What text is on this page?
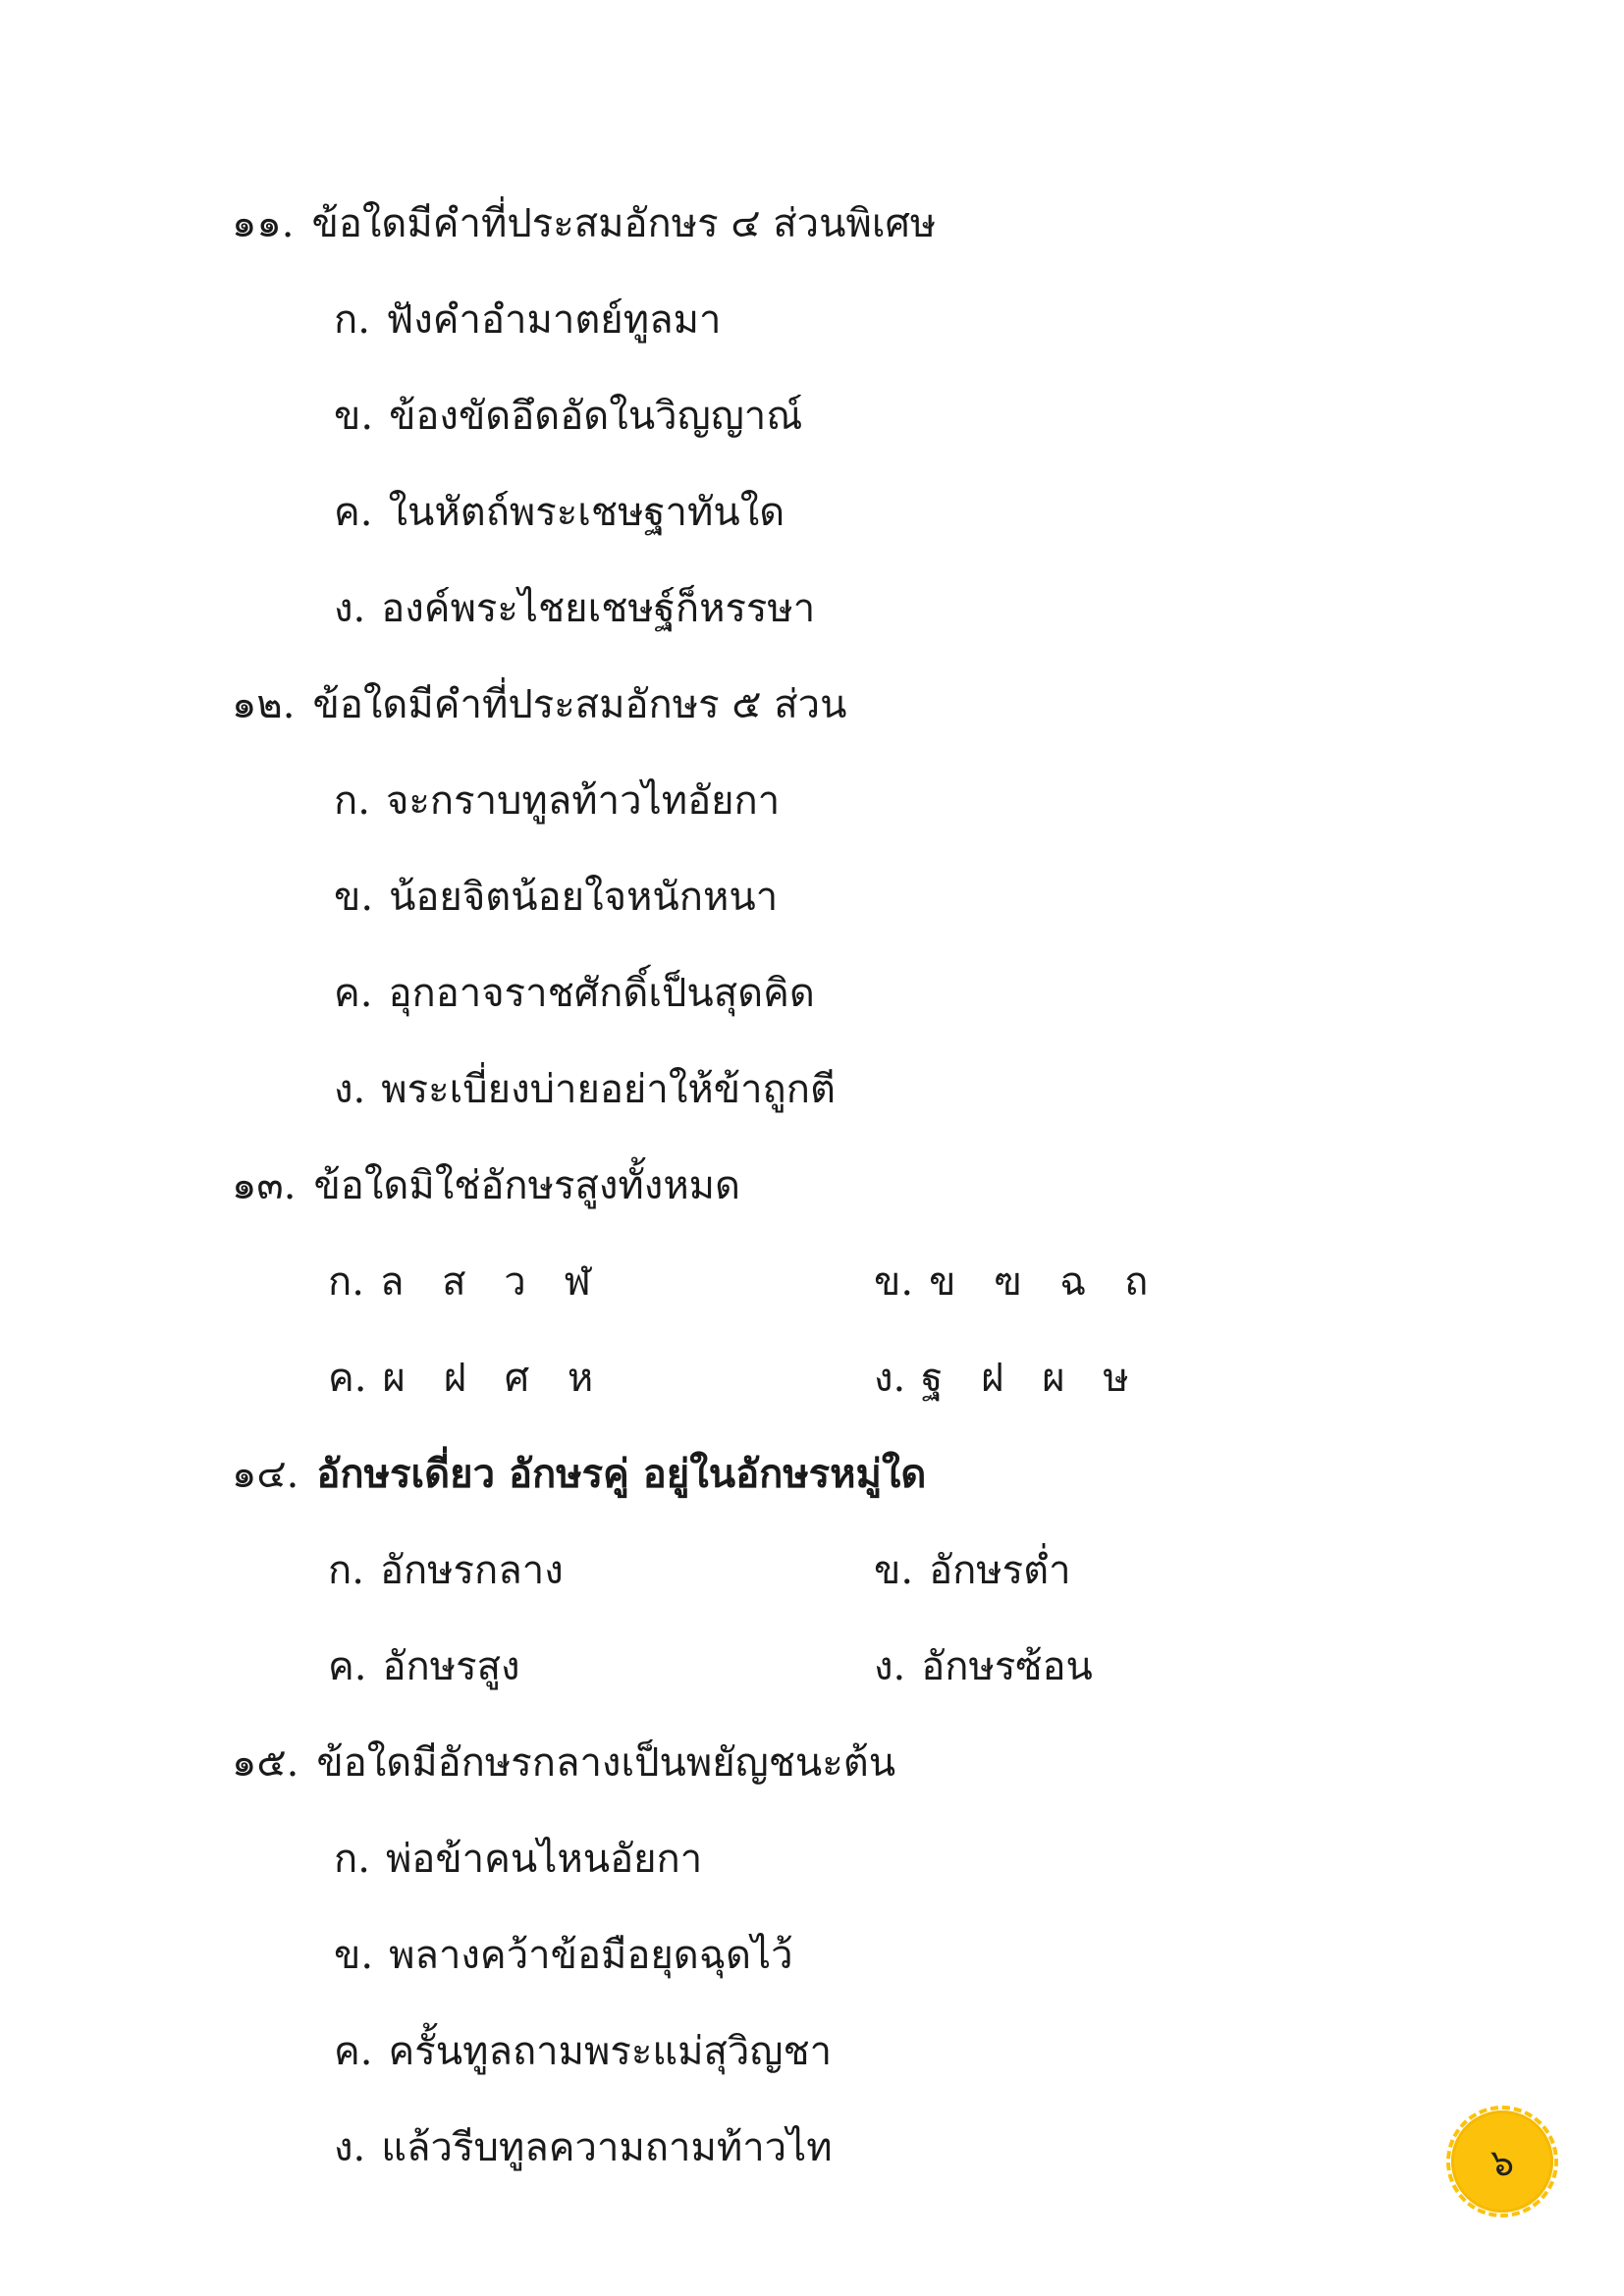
๑๑. ข้อใดมีคำที่ประสมอักษร ๔ ส่วนพิเศษ
ก. ฟังคำอำมาตย์ทูลมา
ข. ข้องขัดอึดอัดในวิญญาณ์
ค. ในหัตถ์พระเชษฐาทันใด
ง. องค์พระไชยเชษฐ์ก็หรรษา
๑๒. ข้อใดมีคำที่ประสมอักษร ๕ ส่วน
ก. จะกราบทูลท้าวไทอัยกา
ข. น้อยจิตน้อยใจหนักหนา
ค. อุกอาจราชศักดิ์เป็นสุดคิด
ง. พระเบี่ยงบ่ายอย่าให้ข้าถูกตี
๑๓. ข้อใดมิใช่อักษรสูงทั้งหมด
ก. ล ส ว ฬ	ข. ข ฃ ฉ ถ
ค. ผ ฝ ศ ห	ง. ฐ ฝ ผ ษ
๑๔. อักษรเดี่ยว อักษรคู่ อยู่ในอักษรหมู่ใด
ก. อักษรกลาง	ข. อักษรต่ำ
ค. อักษรสูง	ง. อักษรซ้อน
๑๕. ข้อใดมีอักษรกลางเป็นพยัญชนะต้น
ก. พ่อข้าคนไหนอัยกา
ข. พลางคว้าข้อมือยุดฉุดไว้
ค. ครั้นทูลถามพระแม่สุวิญชา
ง. แล้วรีบทูลความถามท้าวไท	๖
